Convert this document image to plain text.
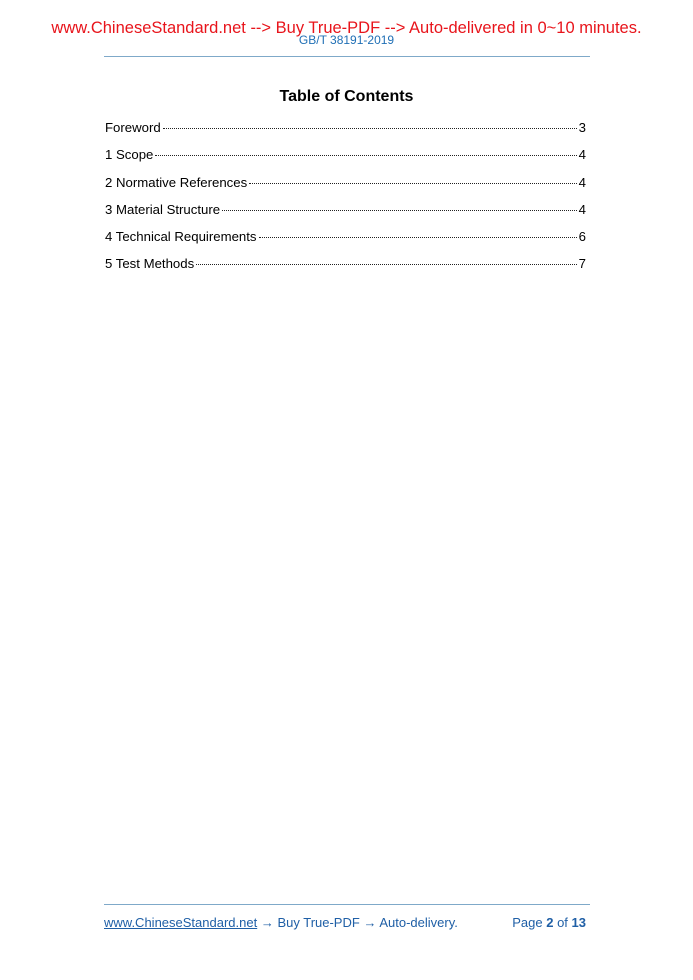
www.ChineseStandard.net --> Buy True-PDF --> Auto-delivered in 0~10 minutes.
GB/T 38191-2019
Table of Contents
Foreword	3
1 Scope	4
2 Normative References	4
3 Material Structure	4
4 Technical Requirements	6
5 Test Methods	7
www.ChineseStandard.net → Buy True-PDF → Auto-delivery.	Page 2 of 13
